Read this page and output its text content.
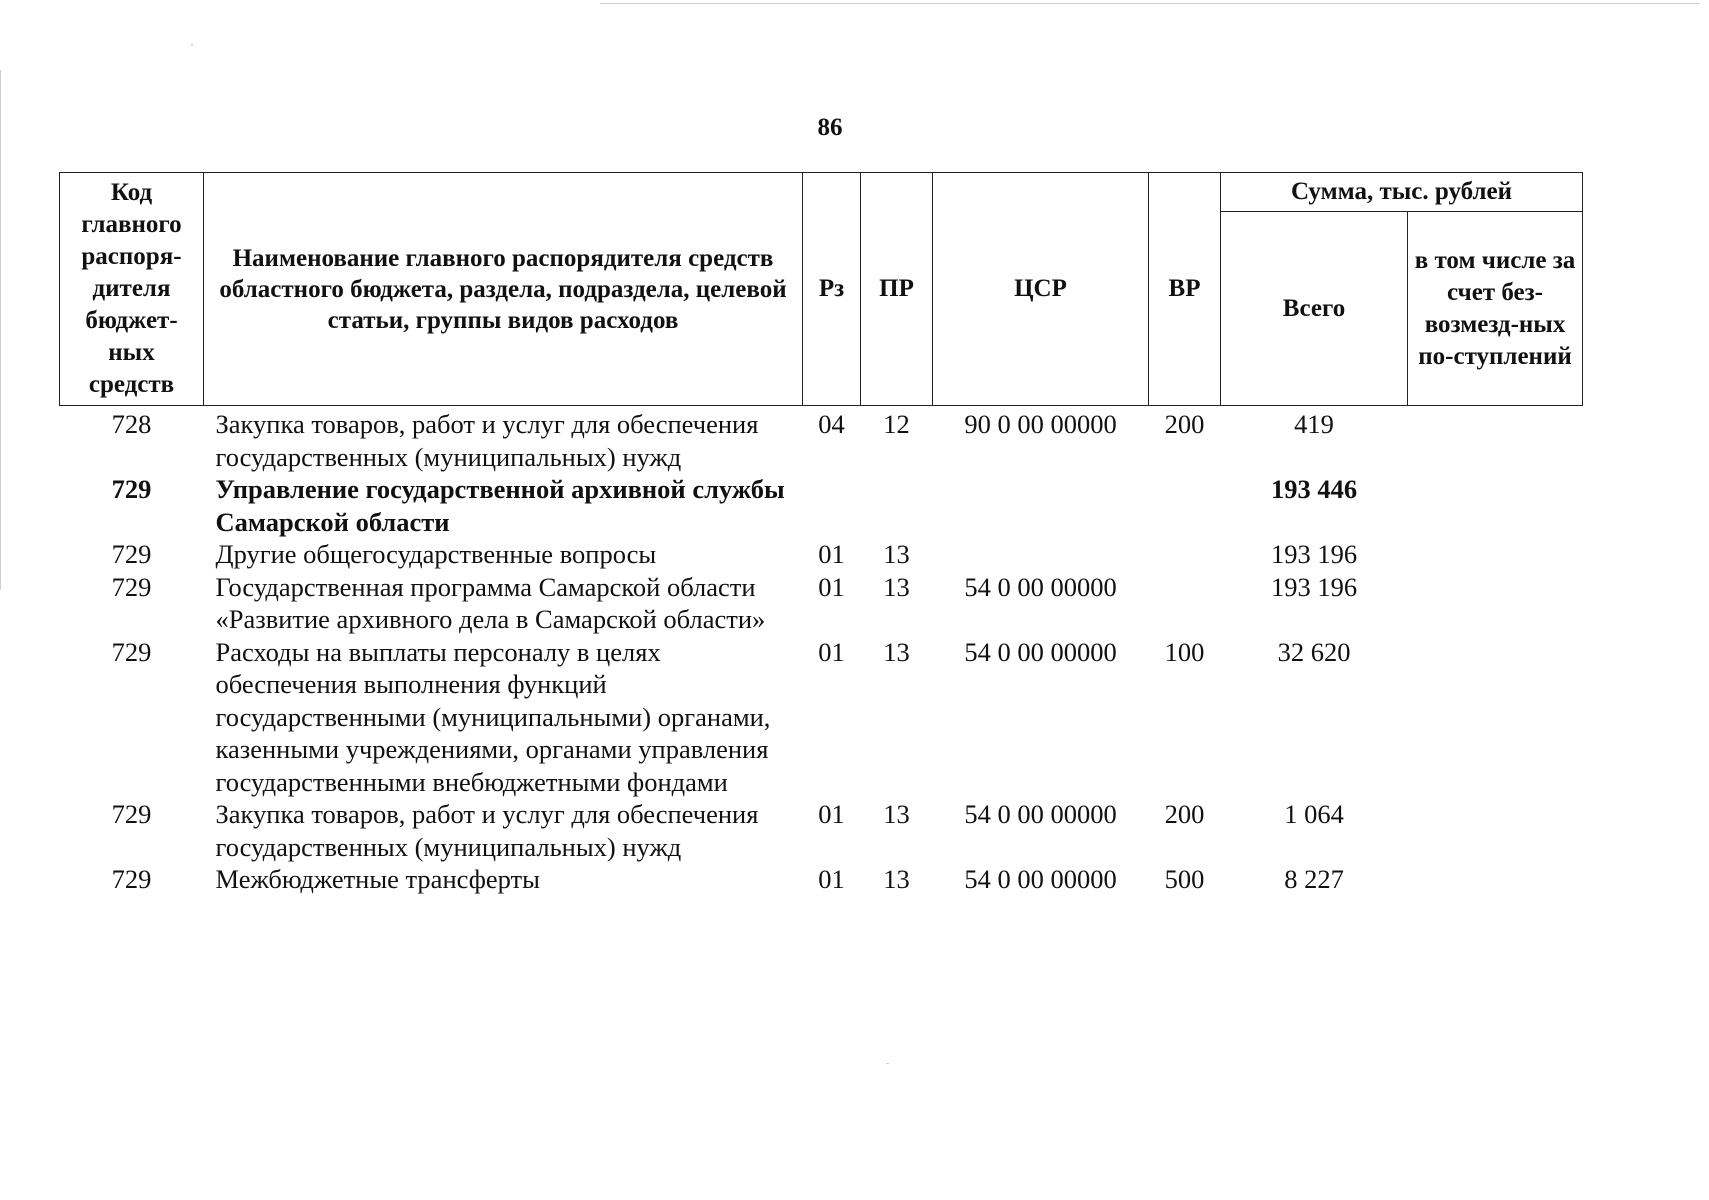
86
Код главного распоря-дителя бюджет-ных средств	Наименование главного распорядителя средств областного бюджета, раздела, подраздела, целевой статьи, группы видов расходов	Рз	ПР	ЦСР	ВР	Сумма, тыс. рублей	
						Всего	в том числе за счет без-возмезд-ных по-ступлений
728	Закупка товаров, работ и услуг для обеспечения государственных (муниципальных) нужд	04	12	90 0 00 00000	200	419	
729	Управление государственной архивной службы Самарской области					193 446	
729	Другие общегосударственные вопросы	01	13			193 196	
729	Государственная программа Самарской области «Развитие архивного дела в Самарской области»	01	13	54 0 00 00000		193 196	
729	Расходы на выплаты персоналу в целях обеспечения выполнения функций государственными (муниципальными) органами, казенными учреждениями, органами управления государственными внебюджетными фондами	01	13	54 0 00 00000	100	32 620	
729	Закупка товаров, работ и услуг для обеспечения государственных (муниципальных) нужд	01	13	54 0 00 00000	200	1 064	
729	Межбюджетные трансферты	01	13	54 0 00 00000	500	8 227	
